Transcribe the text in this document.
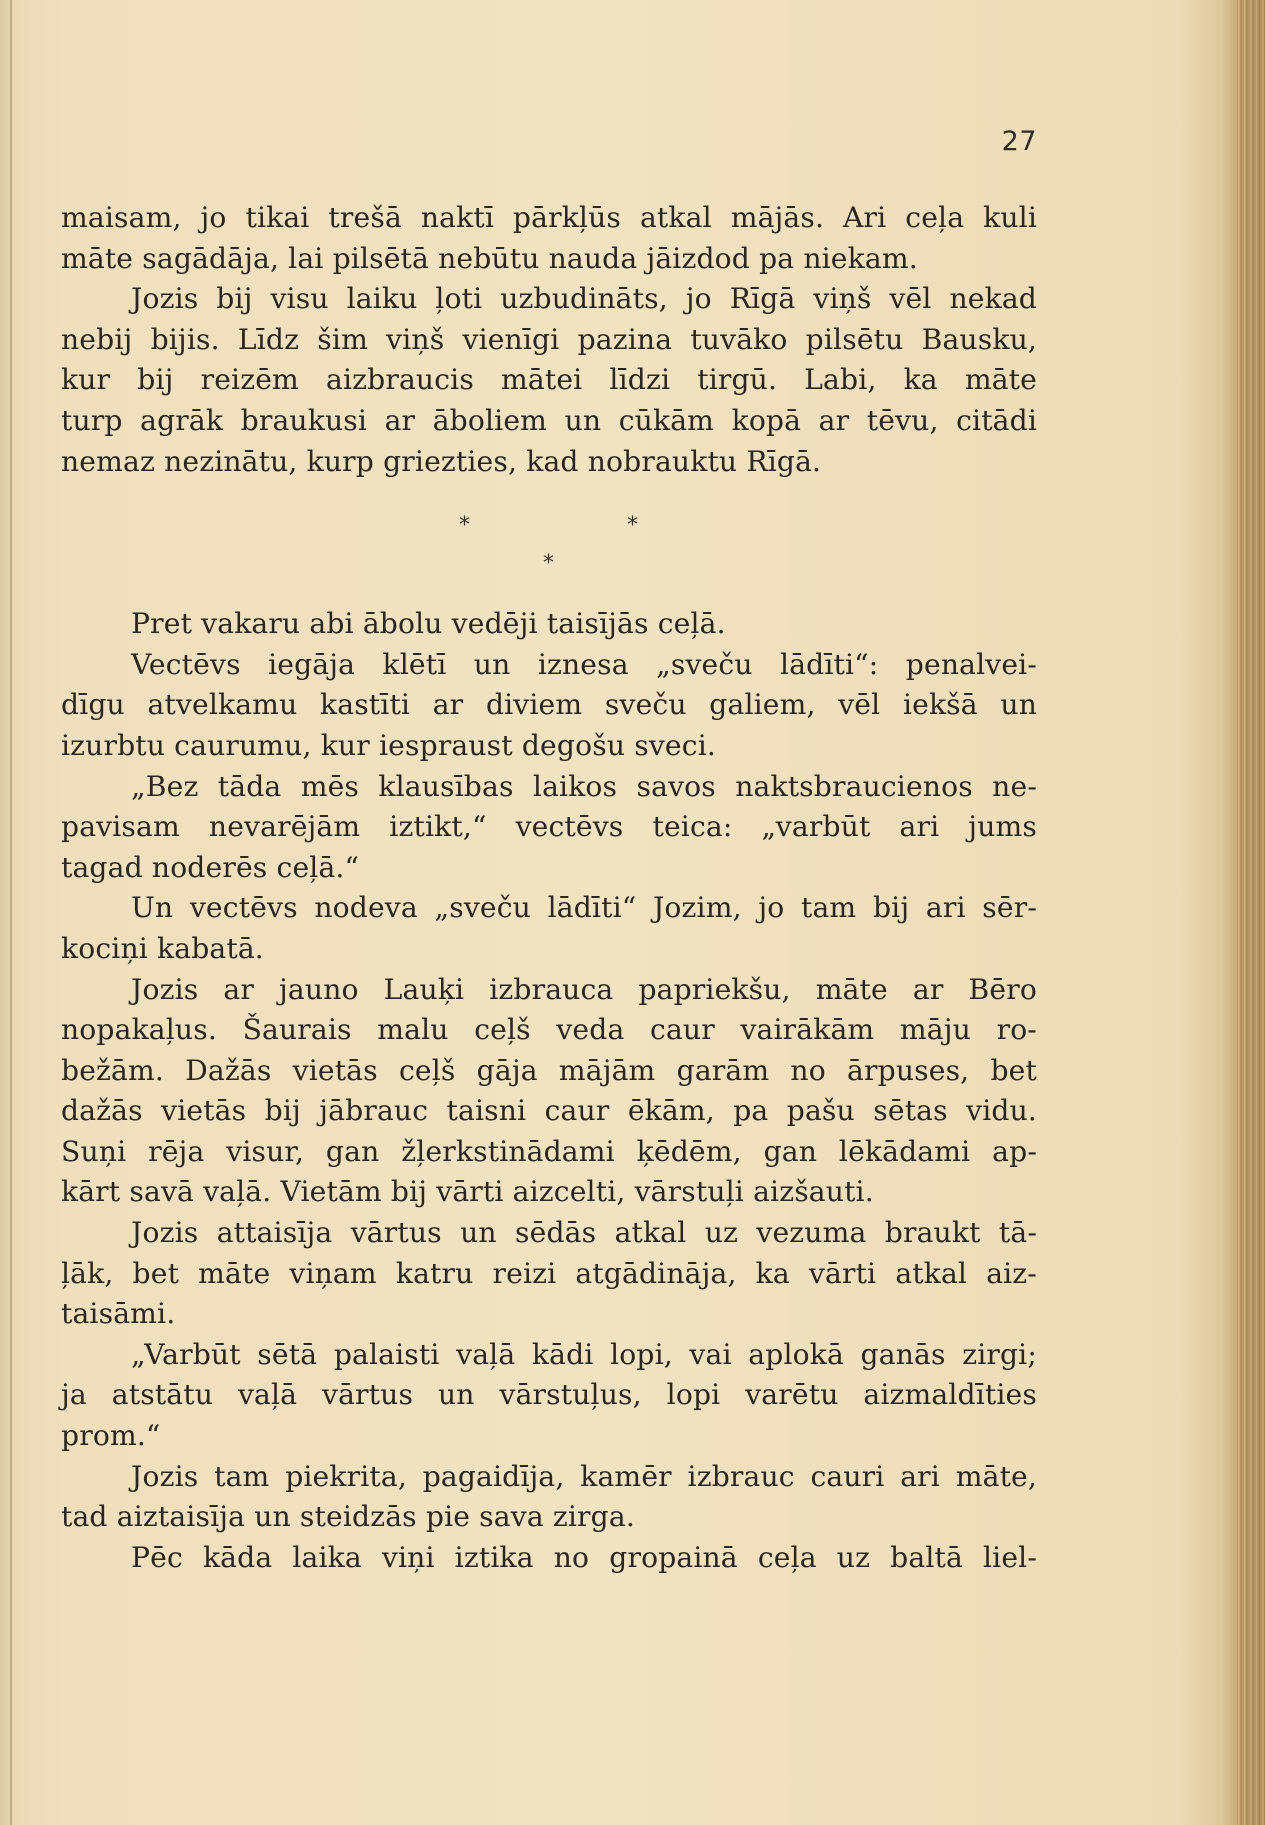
27
maisam, jo tikai trešā naktī pārkļūs atkal mājās. Ari ceļa kuli
māte sagādāja, lai pilsētā nebūtu nauda jāizdod pa niekam.
Jozis bij visu laiku ļoti uzbudināts, jo Rīgā viņš vēl nekad
nebij bijis. Līdz šim viņš vienīgi pazina tuvāko pilsētu Bausku,
kur bij reizēm aizbraucis mātei līdzi tirgū. Labi, ka māte
turp agrāk braukusi ar āboliem un cūkām kopā ar tēvu, citādi
nemaz nezinātu, kurp griezties, kad nobrauktu Rīgā.
*	*
*
Pret vakaru abi ābolu vedēji taisījās ceļā.
Vectēvs iegāja klētī un iznesa „sveču lādīti“: penalvei-
dīgu atvelkamu kastīti ar diviem sveču galiem, vēl iekšā un
izurbtu caurumu, kur iespraust degošu sveci.
„Bez tāda mēs klausības laikos savos naktsbraucienos ne-
pavisam nevarējām iztikt,“ vectēvs teica: „varbūt ari jums
tagad noderēs ceļā.“
Un vectēvs nodeva „sveču lādīti“ Jozim, jo tam bij ari sēr-
kociņi kabatā.
Jozis ar jauno Lauķi izbrauca papriekšu, māte ar Bēro
nopakaļus. Šaurais malu ceļš veda caur vairākām māju ro-
bežām. Dažās vietās ceļš gāja mājām garām no ārpuses, bet
dažās vietās bij jābrauc taisni caur ēkām, pa pašu sētas vidu.
Suņi rēja visur, gan žļerkstinādami ķēdēm, gan lēkādami ap-
kārt savā vaļā. Vietām bij vārti aizcelti, vārstuļi aizšauti.
Jozis attaisīja vārtus un sēdās atkal uz vezuma braukt tā-
ļāk, bet māte viņam katru reizi atgādināja, ka vārti atkal aiz-
taisāmi.
„Varbūt sētā palaisti vaļā kādi lopi, vai aplokā ganās zirgi;
ja atstātu vaļā vārtus un vārstuļus, lopi varētu aizmaldīties
prom.“
Jozis tam piekrita, pagaidīja, kamēr izbrauc cauri ari māte,
tad aiztaisīja un steidzās pie sava zirga.
Pēc kāda laika viņi iztika no gropainā ceļa uz baltā liel-
